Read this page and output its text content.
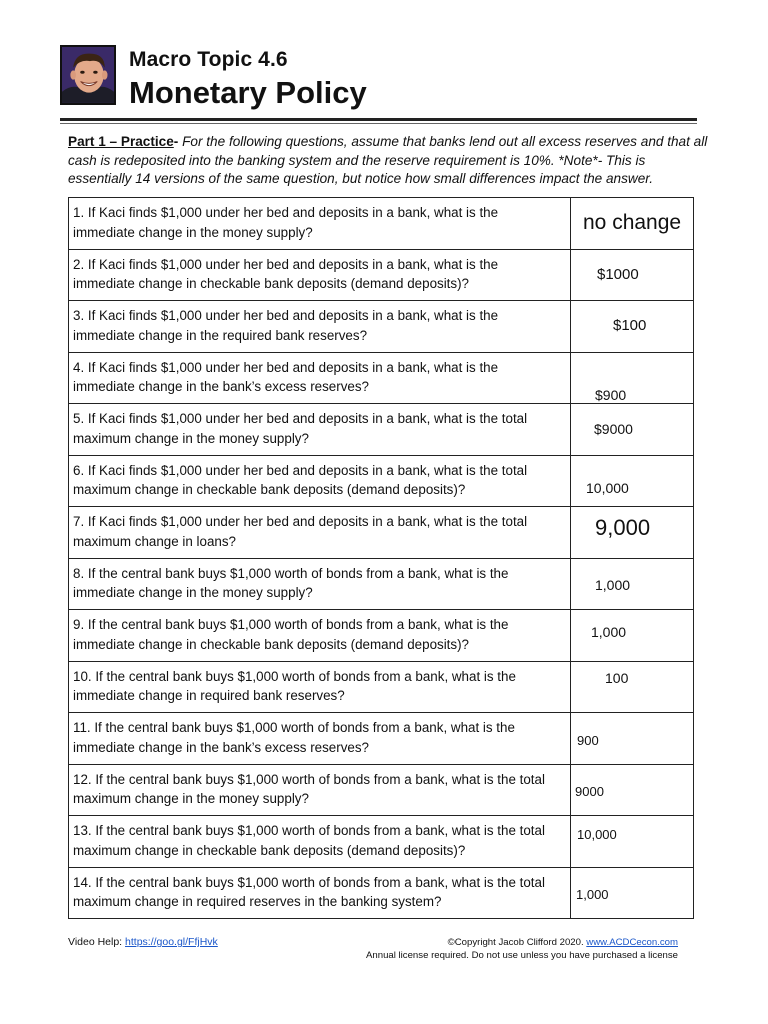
Macro Topic 4.6
Monetary Policy
Part 1 – Practice- For the following questions, assume that banks lend out all excess reserves and that all cash is redeposited into the banking system and the reserve requirement is 10%. *Note*- This is essentially 14 versions of the same question, but notice how small differences impact the answer.
1. If Kaci finds $1,000 under her bed and deposits in a bank, what is the immediate change in the money supply?	no change

2. If Kaci finds $1,000 under her bed and deposits in a bank, what is the immediate change in checkable bank deposits (demand deposits)?	$1000

3. If Kaci finds $1,000 under her bed and deposits in a bank, what is the immediate change in the required bank reserves?	$100

4. If Kaci finds $1,000 under her bed and deposits in a bank, what is the immediate change in the bank’s excess reserves?	$900

5. If Kaci finds $1,000 under her bed and deposits in a bank, what is the total maximum change in the money supply?	$9000

6. If Kaci finds $1,000 under her bed and deposits in a bank, what is the total maximum change in checkable bank deposits (demand deposits)?	10,000

7. If Kaci finds $1,000 under her bed and deposits in a bank, what is the total maximum change in loans?	9,000

8. If the central bank buys $1,000 worth of bonds from a bank, what is the immediate change in the money supply?	1,000

9. If the central bank buys $1,000 worth of bonds from a bank, what is the immediate change in checkable bank deposits (demand deposits)?	1,000

10. If the central bank buys $1,000 worth of bonds from a bank, what is the immediate change in required bank reserves?	100

11. If the central bank buys $1,000 worth of bonds from a bank, what is the immediate change in the bank’s excess reserves?	900

12. If the central bank buys $1,000 worth of bonds from a bank, what is the total maximum change in the money supply?	9000

13. If the central bank buys $1,000 worth of bonds from a bank, what is the total maximum change in checkable bank deposits (demand deposits)?	10,000

14. If the central bank buys $1,000 worth of bonds from a bank, what is the total maximum change in required reserves in the banking system?	1,000
Video Help: https://goo.gl/FfjHvk	©Copyright Jacob Clifford 2020. www.ACDCecon.com
Annual license required. Do not use unless you have purchased a license
